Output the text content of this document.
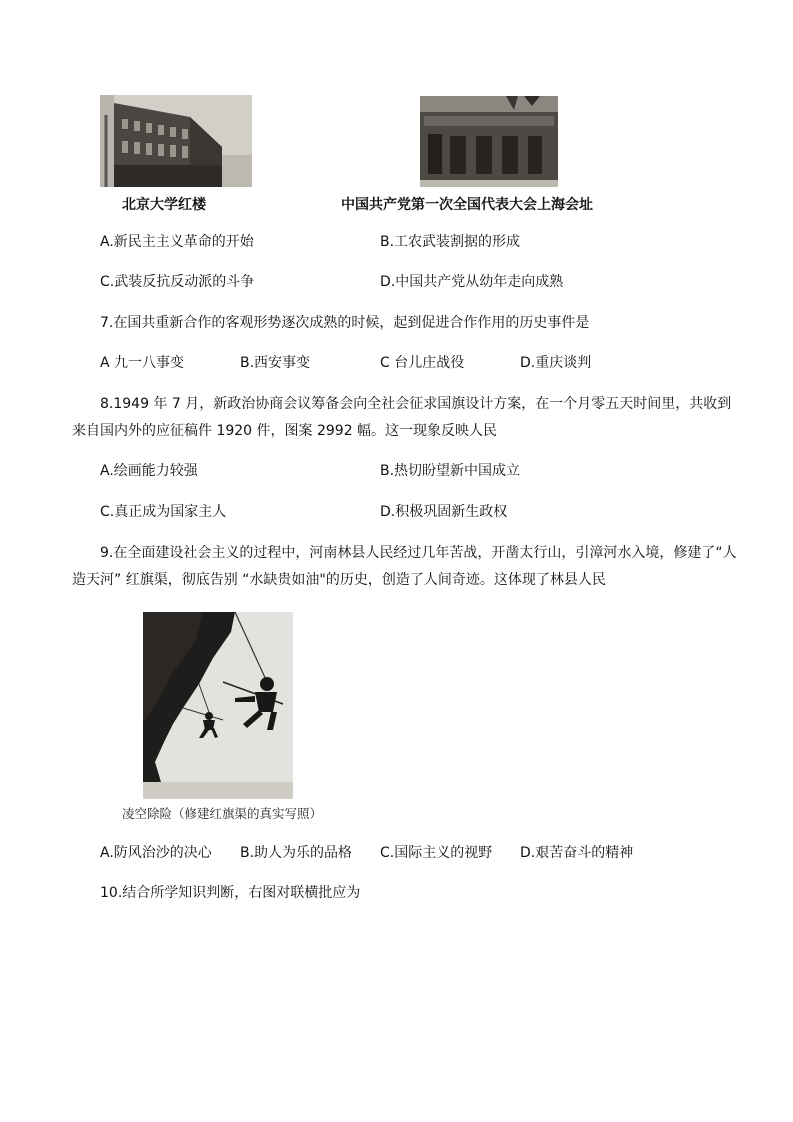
北京大学红楼	中国共产党第一次全国代表大会上海会址
A.新民主主义革命的开始	B.工农武装割据的形成
C.武装反抗反动派的斗争	D.中国共产党从幼年走向成熟
7.在国共重新合作的客观形势逐次成熟的时候，起到促进合作作用的历史事件是
A 九一八事变	B.西安事变	C 台儿庄战役	D.重庆谈判
8.1949 年 7 月，新政治协商会议筹备会向全社会征求国旗设计方案，在一个月零五天时间里，共收到
来自国内外的应征稿件 1920 件，图案 2992 幅。这一现象反映人民
A.绘画能力较强	B.热切盼望新中国成立
C.真正成为国家主人	D.积极巩固新生政权
9.在全面建设社会主义的过程中，河南林县人民经过几年苦战，开凿太行山，引漳河水入境，修建了“人
造天河” 红旗渠，彻底告别 “水缺贵如油"的历史，创造了人间奇迹。这体现了林县人民
凌空除险（修建红旗渠的真实写照）
A.防风治沙的决心 B.助人为乐的品格 C.国际主义的视野 D.艰苦奋斗的精神
10.结合所学知识判断，右图对联横批应为
